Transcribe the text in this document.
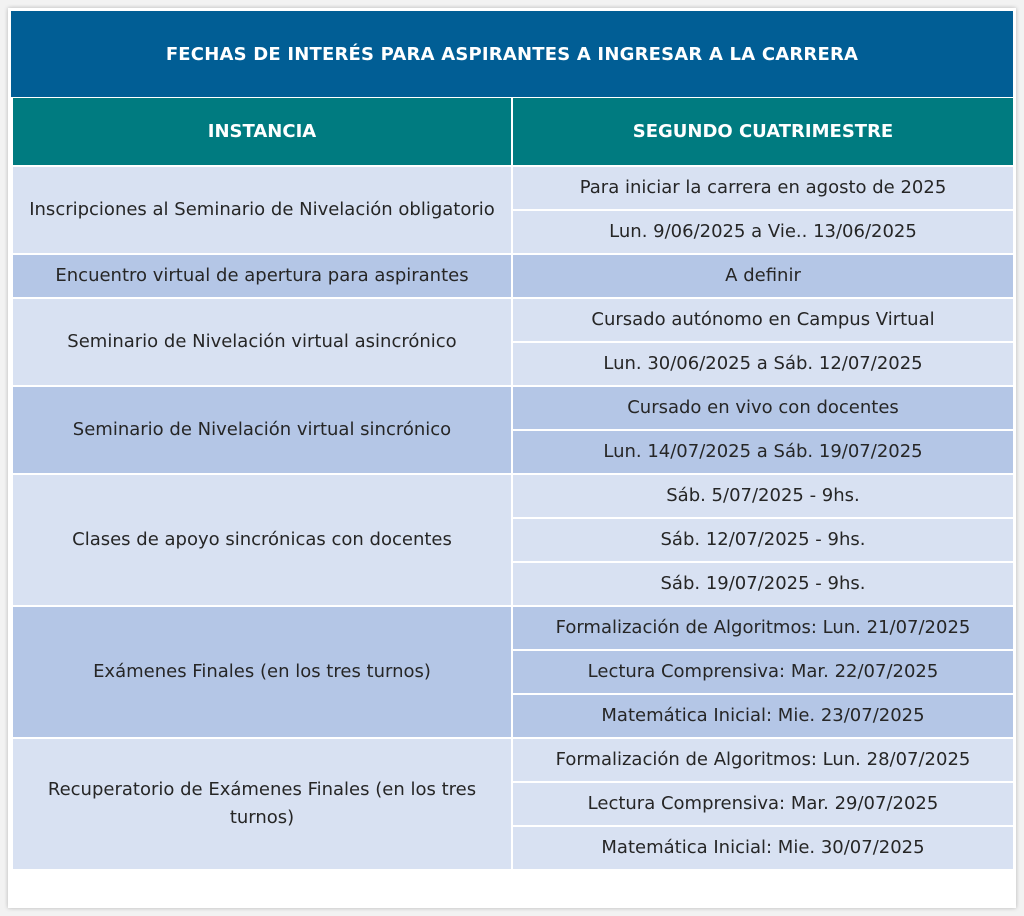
FECHAS DE INTERÉS PARA ASPIRANTES A INGRESAR A LA CARRERA
INSTANCIA	SEGUNDO CUATRIMESTRE
Inscripciones al Seminario de Nivelación obligatorio	Para iniciar la carrera en agosto de 2025
	Lun. 9/06/2025 a Vie.. 13/06/2025
Encuentro virtual de apertura para aspirantes	A definir
Seminario de Nivelación virtual asincrónico	Cursado autónomo en Campus Virtual
	Lun. 30/06/2025 a Sáb. 12/07/2025
Seminario de Nivelación virtual sincrónico	Cursado en vivo con docentes
	Lun. 14/07/2025 a Sáb. 19/07/2025
Clases de apoyo sincrónicas con docentes	Sáb. 5/07/2025 - 9hs.
	Sáb. 12/07/2025 - 9hs.
	Sáb. 19/07/2025 - 9hs.
Exámenes Finales (en los tres turnos)	Formalización de Algoritmos: Lun. 21/07/2025
	Lectura Comprensiva: Mar. 22/07/2025
	Matemática Inicial: Mie. 23/07/2025
Recuperatorio de Exámenes Finales (en los tres turnos)	Formalización de Algoritmos: Lun. 28/07/2025
	Lectura Comprensiva: Mar. 29/07/2025
	Matemática Inicial: Mie. 30/07/2025
